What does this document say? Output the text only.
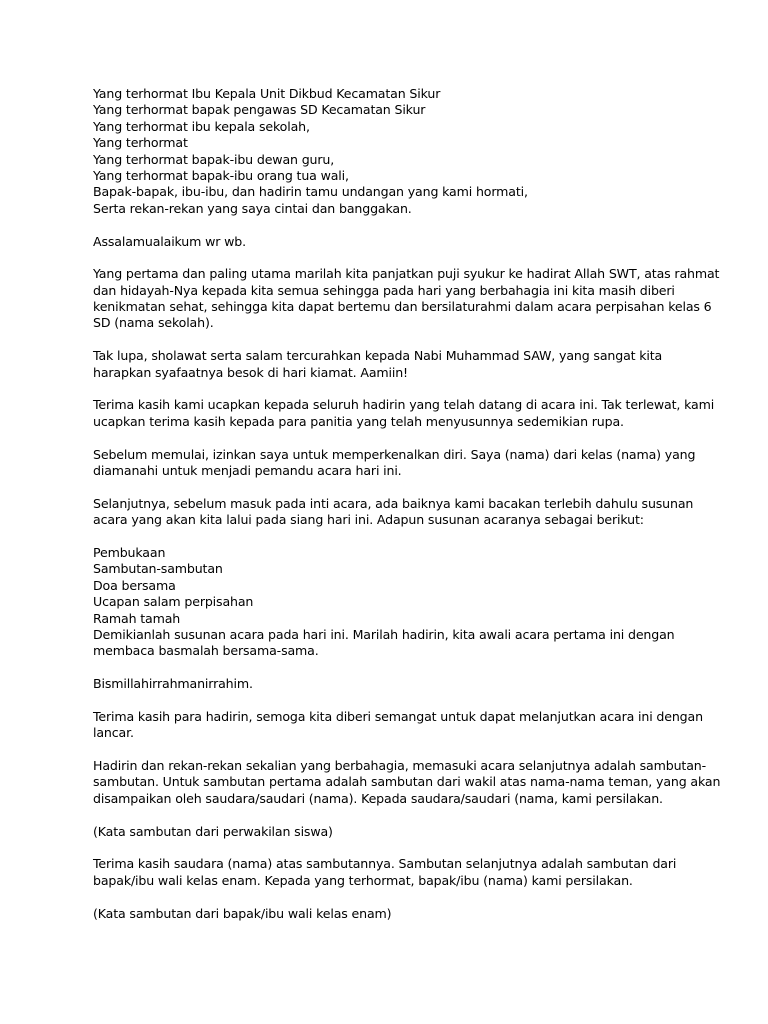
Yang terhormat Ibu Kepala Unit Dikbud Kecamatan Sikur
Yang terhormat bapak pengawas SD Kecamatan Sikur
Yang terhormat ibu kepala sekolah,
Yang terhormat
Yang terhormat bapak-ibu dewan guru,
Yang terhormat bapak-ibu orang tua wali,
Bapak-bapak, ibu-ibu, dan hadirin tamu undangan yang kami hormati,
Serta rekan-rekan yang saya cintai dan banggakan.
Assalamualaikum wr wb.
Yang pertama dan paling utama marilah kita panjatkan puji syukur ke hadirat Allah SWT, atas rahmat
dan hidayah-Nya kepada kita semua sehingga pada hari yang berbahagia ini kita masih diberi
kenikmatan sehat, sehingga kita dapat bertemu dan bersilaturahmi dalam acara perpisahan kelas 6
SD (nama sekolah).
Tak lupa, sholawat serta salam tercurahkan kepada Nabi Muhammad SAW, yang sangat kita
harapkan syafaatnya besok di hari kiamat. Aamiin!
Terima kasih kami ucapkan kepada seluruh hadirin yang telah datang di acara ini. Tak terlewat, kami
ucapkan terima kasih kepada para panitia yang telah menyusunnya sedemikian rupa.
Sebelum memulai, izinkan saya untuk memperkenalkan diri. Saya (nama) dari kelas (nama) yang
diamanahi untuk menjadi pemandu acara hari ini.
Selanjutnya, sebelum masuk pada inti acara, ada baiknya kami bacakan terlebih dahulu susunan
acara yang akan kita lalui pada siang hari ini. Adapun susunan acaranya sebagai berikut:
Pembukaan
Sambutan-sambutan
Doa bersama
Ucapan salam perpisahan
Ramah tamah
Demikianlah susunan acara pada hari ini. Marilah hadirin, kita awali acara pertama ini dengan
membaca basmalah bersama-sama.
Bismillahirrahmanirrahim.
Terima kasih para hadirin, semoga kita diberi semangat untuk dapat melanjutkan acara ini dengan
lancar.
Hadirin dan rekan-rekan sekalian yang berbahagia, memasuki acara selanjutnya adalah sambutan-
sambutan. Untuk sambutan pertama adalah sambutan dari wakil atas nama-nama teman, yang akan
disampaikan oleh saudara/saudari (nama). Kepada saudara/saudari (nama, kami persilakan.
(Kata sambutan dari perwakilan siswa)
Terima kasih saudara (nama) atas sambutannya. Sambutan selanjutnya adalah sambutan dari
bapak/ibu wali kelas enam. Kepada yang terhormat, bapak/ibu (nama) kami persilakan.
(Kata sambutan dari bapak/ibu wali kelas enam)
